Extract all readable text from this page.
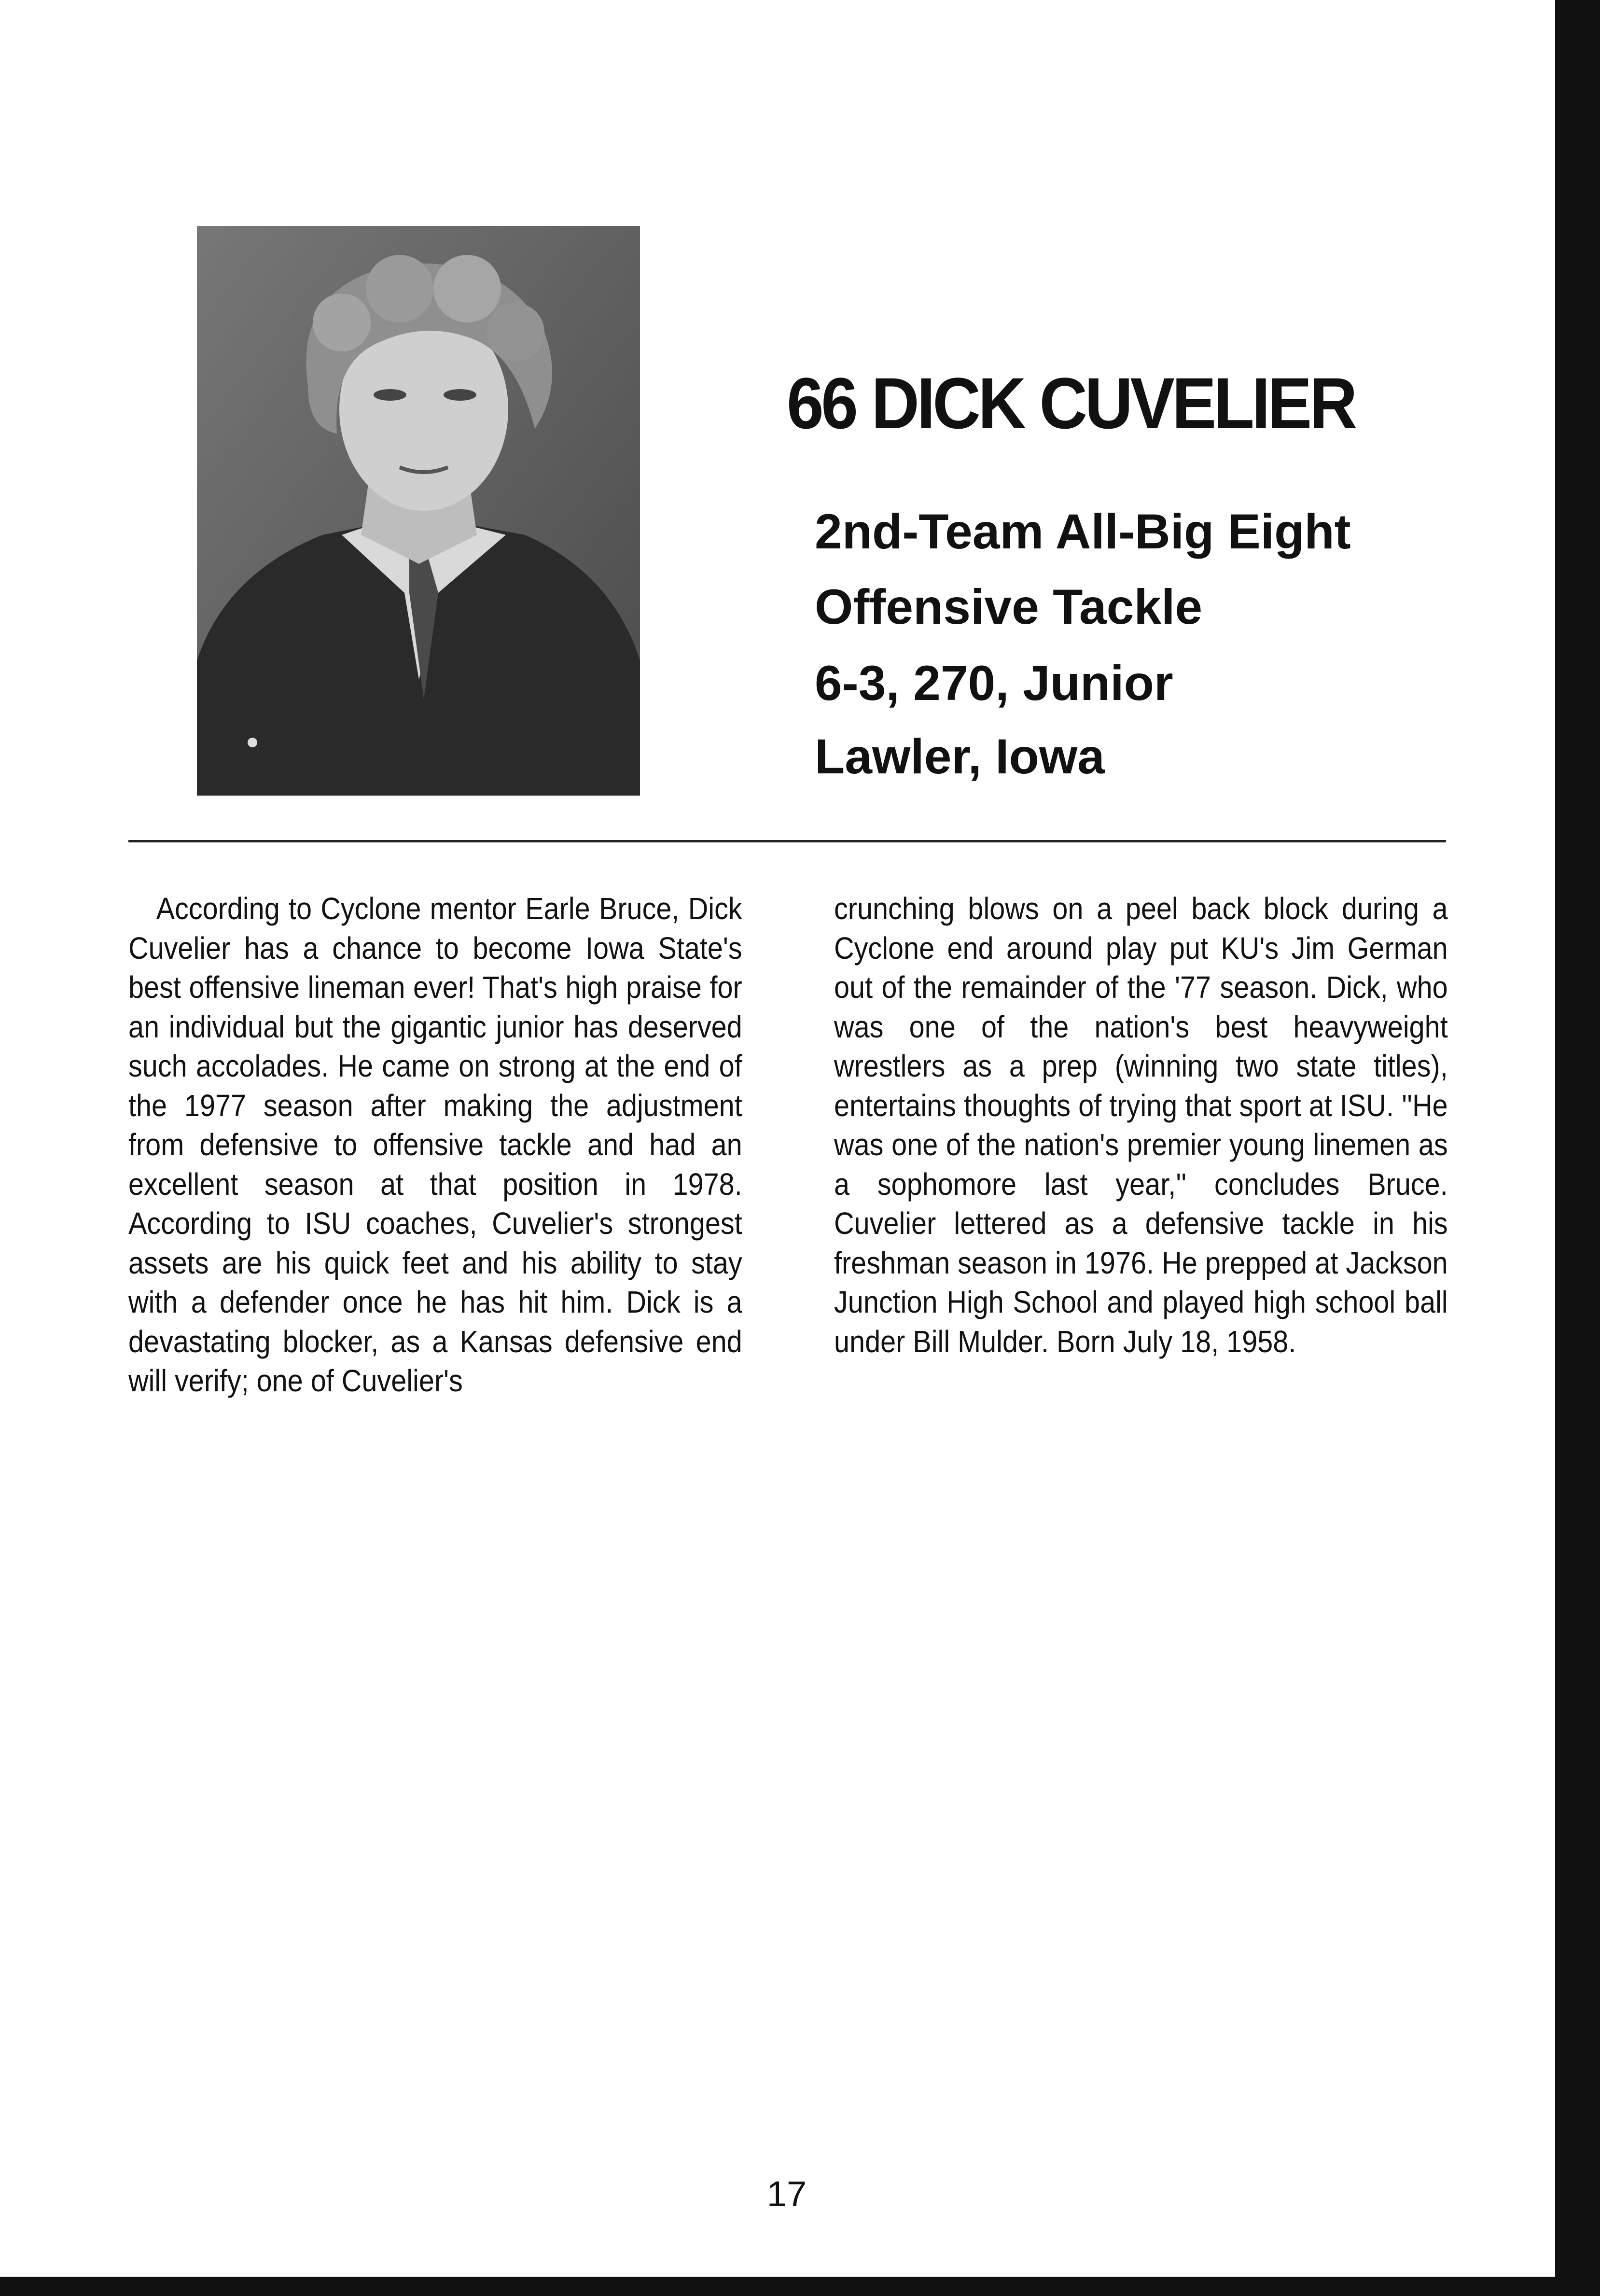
66 DICK CUVELIER
2nd-Team All-Big Eight
Offensive Tackle
6-3, 270, Junior
Lawler, Iowa
According to Cyclone mentor Earle Bruce, Dick Cuvelier has a chance to become Iowa State's best offensive lineman ever! That's high praise for an individual but the gigantic junior has deserved such accolades. He came on strong at the end of the 1977 season after making the adjustment from defensive to offensive tackle and had an excellent season at that position in 1978. According to ISU coaches, Cuvelier's strongest assets are his quick feet and his ability to stay with a defender once he has hit him. Dick is a devastating blocker, as a Kansas defensive end will verify; one of Cuvelier's
crunching blows on a peel back block during a Cyclone end around play put KU's Jim German out of the remainder of the '77 season. Dick, who was one of the nation's best heavyweight wrestlers as a prep (winning two state titles), entertains thoughts of trying that sport at ISU. ''He was one of the nation's premier young linemen as a sophomore last year,'' concludes Bruce. Cuvelier lettered as a defensive tackle in his freshman season in 1976. He prepped at Jackson Junction High School and played high school ball under Bill Mulder. Born July 18, 1958.
17
